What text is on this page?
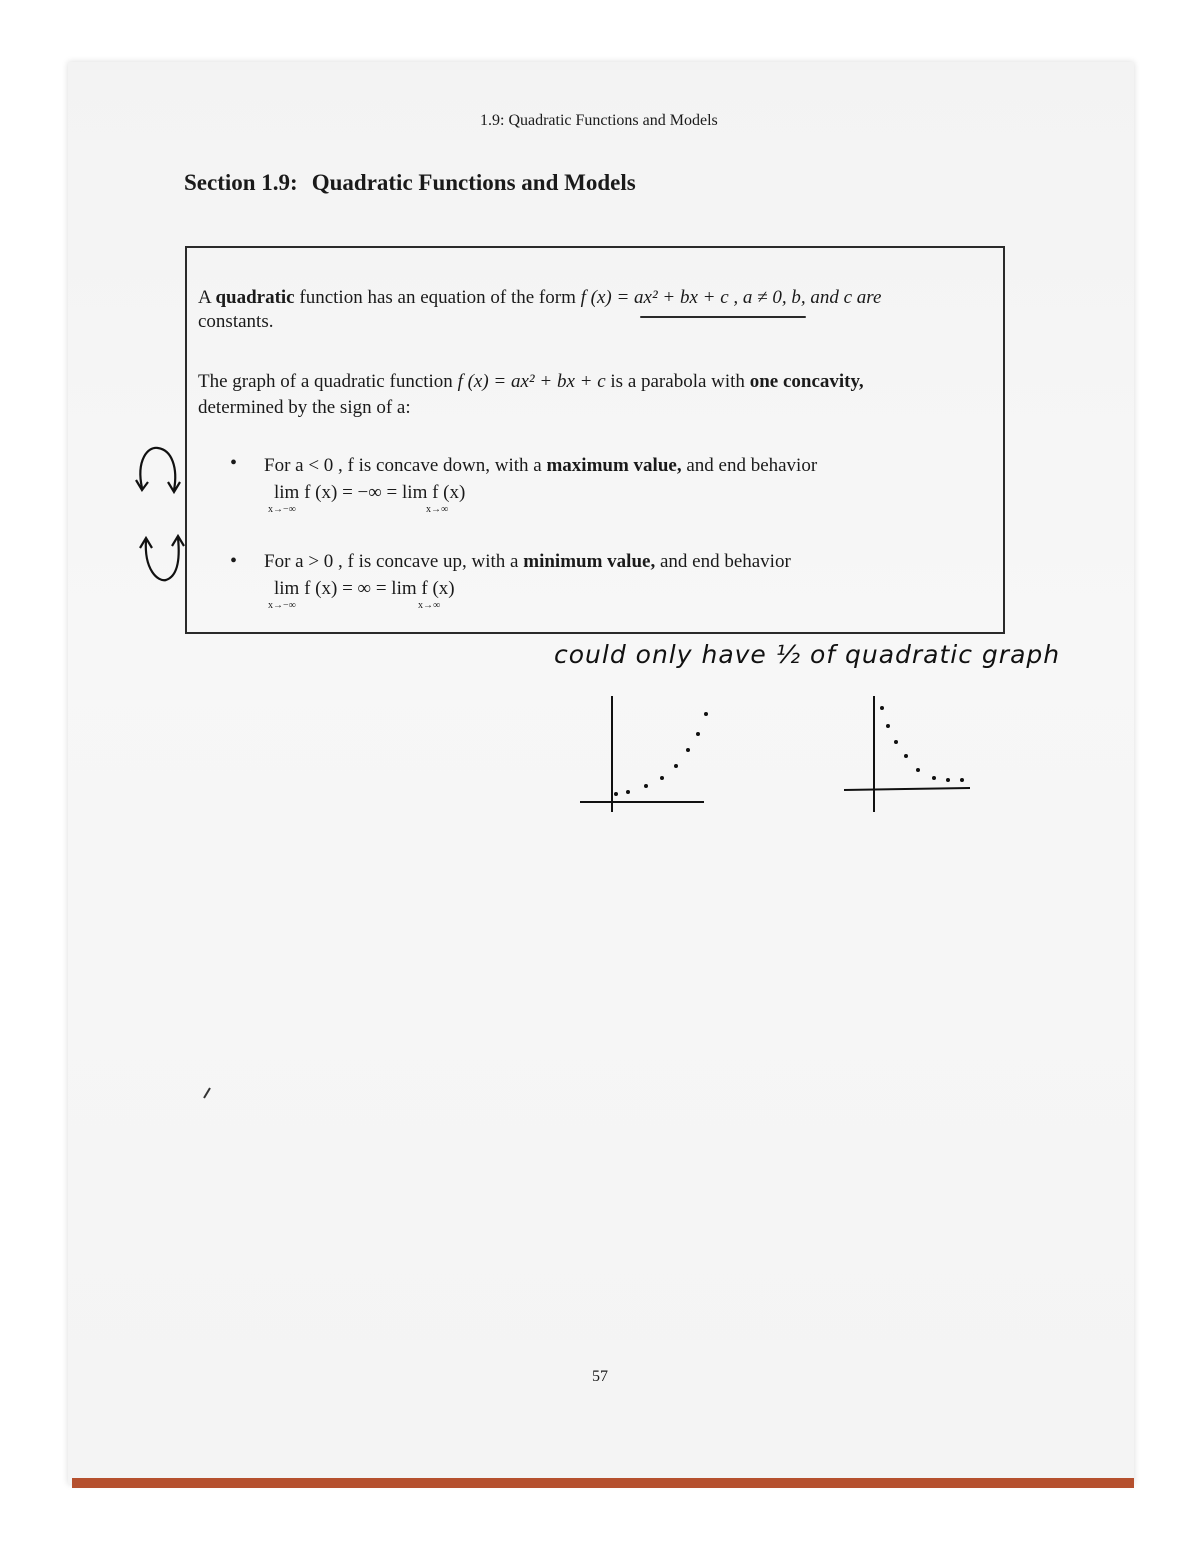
1.9: Quadratic Functions and Models
Section 1.9: Quadratic Functions and Models
A quadratic function has an equation of the form f (x) = ax² + bx + c , a ≠ 0, b, and c are
constants.
The graph of a quadratic function f (x) = ax² + bx + c is a parabola with one concavity,
determined by the sign of a:
• For a < 0 , f is concave down, with a maximum value, and end behavior
lim f (x) = −∞ = lim f (x)
x→−∞	x→∞
• For a > 0 , f is concave up, with a minimum value, and end behavior
lim f (x) = ∞ = lim f (x)
x→−∞	x→∞
could only have ½ of quadratic graph
57
